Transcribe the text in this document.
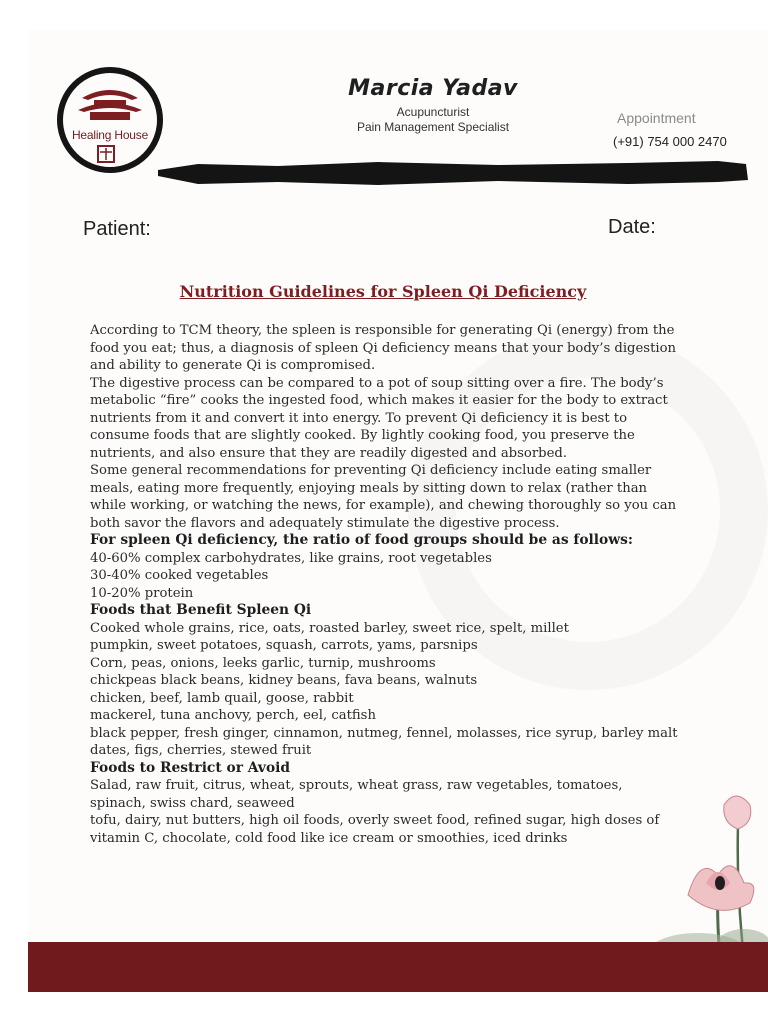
Healing House
Marcia Yadav
Acupuncturist
Pain Management Specialist
Appointment
(+91) 754 000 2470
Patient:	Date:
Nutrition Guidelines for Spleen Qi Deficiency

According to TCM theory, the spleen is responsible for generating Qi (energy) from the food you eat; thus, a diagnosis of spleen Qi deficiency means that your body’s digestion and ability to generate Qi is compromised.

The digestive process can be compared to a pot of soup sitting over a fire. The body’s metabolic “fire” cooks the ingested food, which makes it easier for the body to extract nutrients from it and convert it into energy. To prevent Qi deficiency it is best to consume foods that are slightly cooked. By lightly cooking food, you preserve the nutrients, and also ensure that they are readily digested and absorbed.

Some general recommendations for preventing Qi deficiency include eating smaller meals, eating more frequently, enjoying meals by sitting down to relax (rather than while working, or watching the news, for example), and chewing thoroughly so you can both savor the flavors and adequately stimulate the digestive process.

For spleen Qi deficiency, the ratio of food groups should be as follows:

40-60% complex carbohydrates, like grains, root vegetables

30-40% cooked vegetables

10-20% protein

Foods that Benefit Spleen Qi

Cooked whole grains, rice, oats, roasted barley, sweet rice, spelt, millet

pumpkin, sweet potatoes, squash, carrots, yams, parsnips

Corn, peas, onions, leeks garlic, turnip, mushrooms

chickpeas black beans, kidney beans, fava beans, walnuts

chicken, beef, lamb quail, goose, rabbit

mackerel, tuna anchovy, perch, eel, catfish

black pepper, fresh ginger, cinnamon, nutmeg, fennel, molasses, rice syrup, barley malt

dates, figs, cherries, stewed fruit

Foods to Restrict or Avoid

Salad, raw fruit, citrus, wheat, sprouts, wheat grass, raw vegetables, tomatoes, spinach, swiss chard, seaweed

tofu, dairy, nut butters, high oil foods, overly sweet food, refined sugar, high doses of vitamin C, chocolate, cold food like ice cream or smoothies, iced drinks
